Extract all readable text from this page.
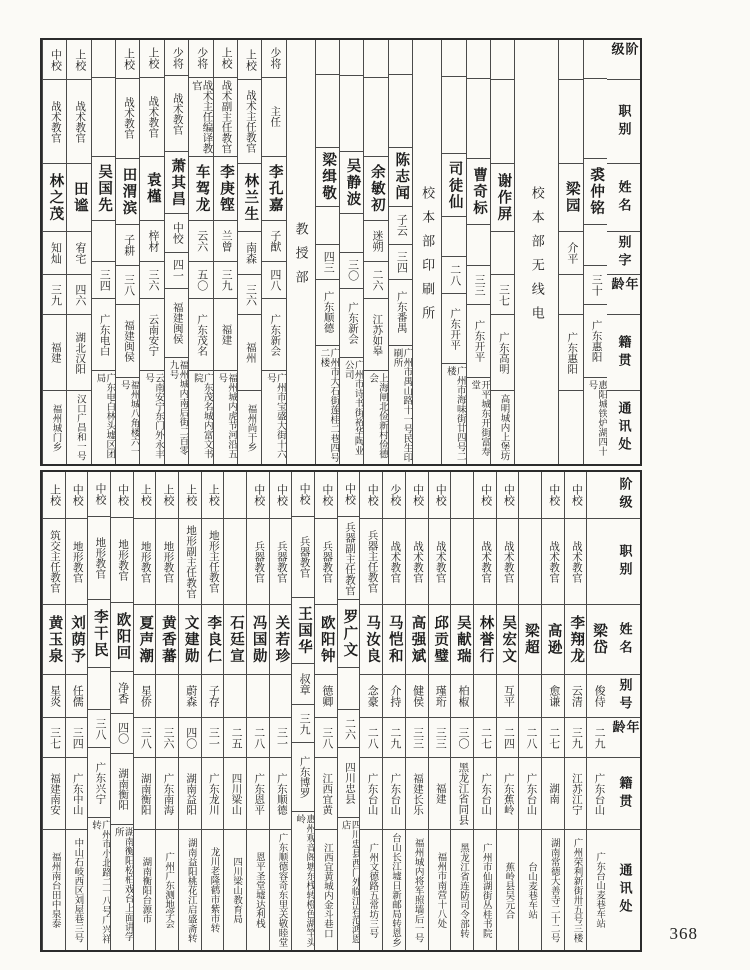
阶级
职别
姓名
别字
年龄
籍贯
通讯处
裘仲铭
三十
广东惠阳
惠阳城铁炉湖四十号
梁园
介平
广东惠阳
校本部无线电
谢作屏
三七
广东高明
高明城内上堡坊
曹奇标
三三
广东开平
开平城东开街富寿堂
司徒仙
二八
广东开平
广州市海味街廿四号二楼
校本部印刷所
陈志闻
子云
三四
广东番禺
广州市禺山路十一号民生印刷所
余敏初
迷朔
二六
江苏如皋
上海闸北俭新村俭德会
吴静波
三〇
广东新会
广州市诗书街裕华陶业公司
梁缉敬
四三
广东顺德
广州市大石街莲桂二巷四号二楼
教授部
少将
主任
李孔嘉
子猷
四八
广东新会
广州市宝盛大街十六号
上校
战术主任教官
林兰生
南森
三六
福州
福州尚干乡
上校
战术副主任教官
李庚铿
兰曾
三九
福建
福州城内虎节河沿五号
少将
战术主任编译教官
车驾龙
云六
五〇
广东茂名
广东茂名城内富文书院
少将
战术教官
萧其昌
中恔
四一
福建闽侯
福州城内南后街二百零九号
上校
战术教官
袁槿
梓材
三六
云南安宁
云南安宁东门外永丰号
上校
战术教官
田渭滨
子耕
三八
福建闽侯
福州城八角楼六一号
吴国先
三四
广东电白
广东电白林头墟区团局
上校
战术教官
田谧
宥宅
四六
湖北汉阳
汉口广昌和一号
中校
战术教官
林之茂
知灿
三九
福建
福州城门乡
阶级
职别
姓名
别号
年龄
籍贯
通讯处
梁岱
俊侍
二九
广东台山
广东台山麦巷车站
中校
战术教官
李翔龙
云清
三九
江苏江宁
广州荣利新街卅五号三楼
中校
战术教官
高逊
愈谦
二七
湖南
湖南常德大善寺二十二号
梁超
二八
广东台山
台山麦巷车站
中校
战术教官
吴宏文
互平
二四
广东蕉岭
蕉岭县吴元合
中校
战术教官
林誉行
二七
广东台山
广州市仙湖街丛桂书院
吴献瑞
柏椒
三〇
黑龙江省同县
黑龙江省连防司令部转
中校
战术教官
邱贡璧
瑾珩
三三
福建
福州市南营十八处
中校
战术教官
高强斌
健侯
三三
福建长乐
福州城内将军照墙后一号
少校
战术教官
马恺和
介持
二九
广东台山
台山长江墟日新邮局转恩乡
中校
兵器主任教官
马汝良
念豪
二八
广东台山
广州文德路五常坊三号
中校
兵器副主任教官
罗广文
二六
四川忠县
四川忠县西门外临江岩范鸿恩店
中校
兵器教官
欧阳钟
德卿
三八
江西宜黄
江西宜黄城内金斗巷口
中校
兵器教官
王国华
叔章
三九
广东博罗
惠州观音阁塘东栈转橙色湖竿头岭
中校
兵器教官
关若珍
三一
广东顺德
广东顺德容奇东里关敬睦堂
中校
兵器教官
冯国勋
二八
广东恩平
恩平圣堂墟达利栈
石廷宣
二五
四川梁山
四川梁山教育局
上校
地形主任教官
李良仁
子存
三一
广东龙川
龙川老隆鹤市紫市转
上校
地形副主任教官
文建勋
蔚森
四〇
湖南益阳
湖南益阳桃花江启盛斋转
上校
地形教官
黄香蕃
三六
广东南海
广州广东测地学会
上校
地形教官
夏声潮
星侨
三八
湖南衡阳
湖南衡阳台源市
中校
地形教官
欧阳回
净香
四〇
湖南衡阳
湖南衡阳松柏戏台上面讲学所
中校
地形教官
李干民
三八
广东兴宁
广州市小北路二一八号广兴祥转
中校
地形教官
刘荫予
任儒
三四
广东中山
中山石岐西区刘屋巷三号
上校
筑交主任教官
黄玉泉
星炎
三七
福建南安
福州南台田中泉泰
368
